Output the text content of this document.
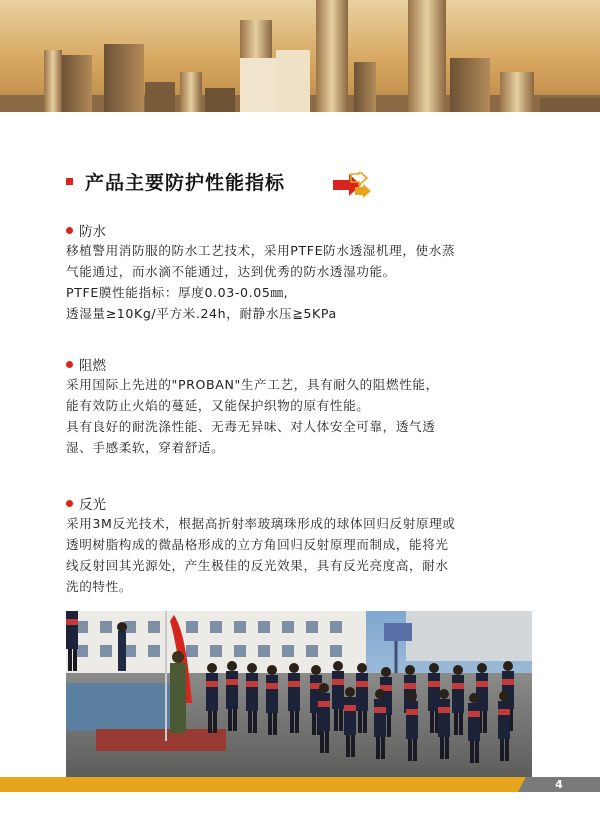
产品主要防护性能指标
防水
移植警用消防服的防水工艺技术，采用PTFE防水透湿机理，使水蒸
气能通过，而水滴不能通过，达到优秀的防水透湿功能。
PTFE膜性能指标：厚度0.03-0.05㎜,
透湿量≥10Kg/平方米.24h，耐静水压≧5KPa
阻燃
采用国际上先进的"PROBAN"生产工艺，具有耐久的阻燃性能，
能有效防止火焰的蔓延，又能保护织物的原有性能。
具有良好的耐洗涤性能、无毒无异味、对人体安全可靠，透气透
湿、手感柔软，穿着舒适。
反光
采用3M反光技术，根据高折射率玻璃珠形成的球体回归反射原理或
透明树脂构成的微晶格形成的立方角回归反射原理而制成，能将光
线反射回其光源处，产生极佳的反光效果，具有反光亮度高，耐水
洗的特性。
4
